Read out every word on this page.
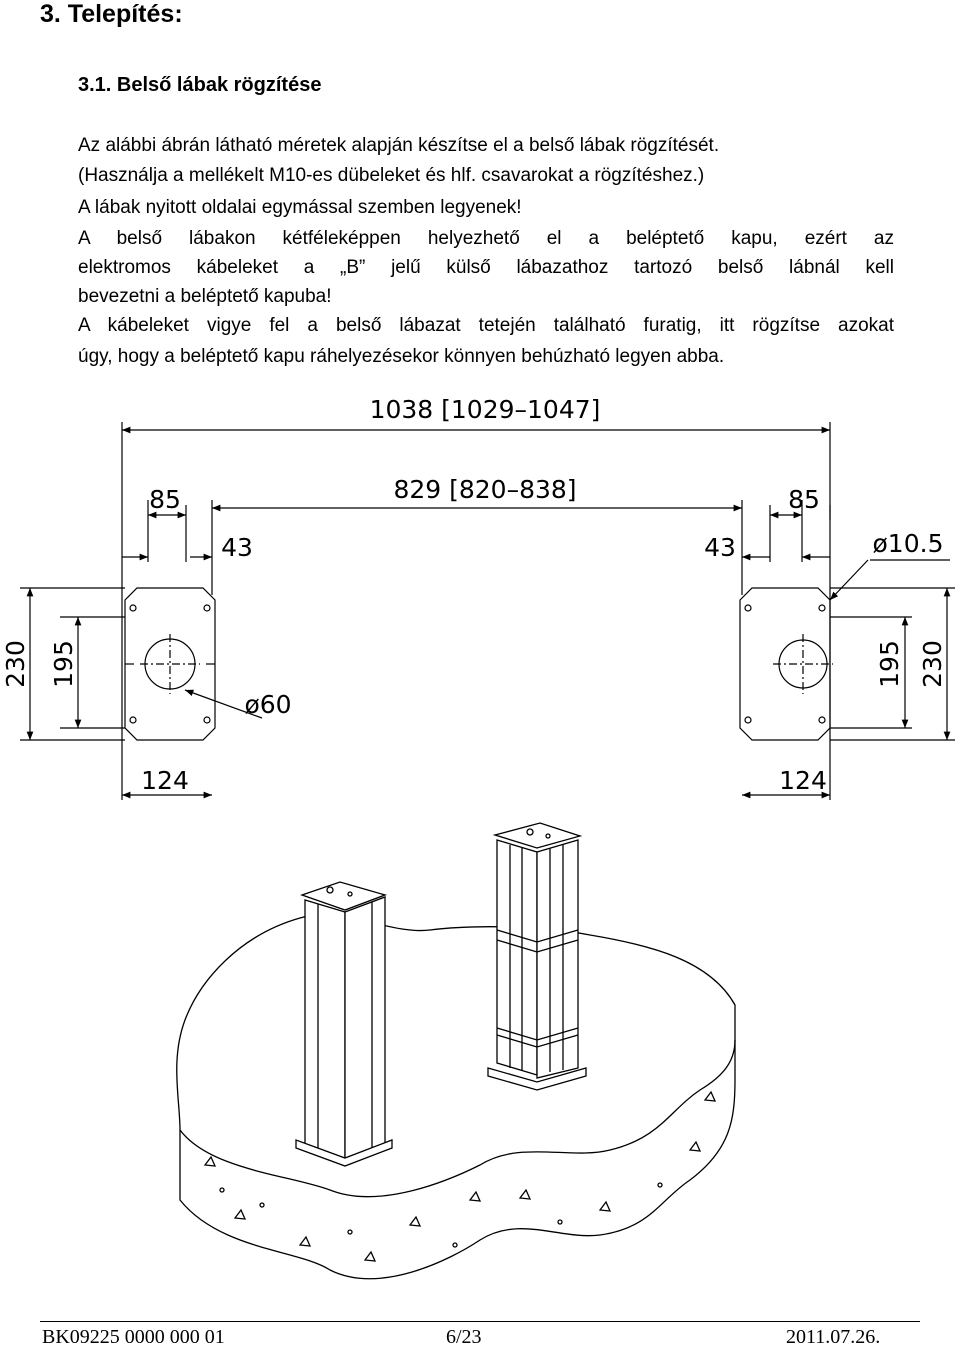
3. Telepítés:
3.1. Belső lábak rögzítése
Az alábbi ábrán látható méretek alapján készítse el a belső lábak rögzítését.
(Használja a mellékelt M10-es dübeleket és hlf. csavarokat a rögzítéshez.)
A lábak nyitott oldalai egymással szemben legyenek!
A belső lábakon kétféleképpen helyezhető el a beléptető kapu, ezért az
elektromos kábeleket a „B” jelű külső lábazathoz tartozó belső lábnál kell
bevezetni a beléptető kapuba!
A kábeleket vigye fel a belső lábazat tetején található furatig, itt rögzítse azokat
úgy, hogy a beléptető kapu ráhelyezésekor könnyen behúzható legyen abba.
1038 [1029–1047]
829 [820–838]
85	85
43	43	ø10.5
ø60
124	124
230 195	195 230
BK09225 0000 000 01	6/23	2011.07.26.
